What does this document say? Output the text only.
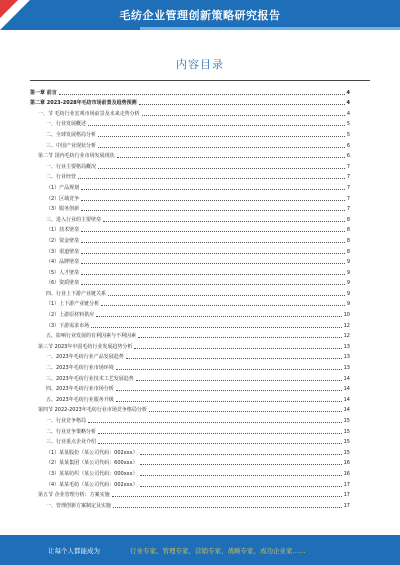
毛纺企业管理创新策略研究报告
内容目录
第一章 前言	4
第二章 2023-2028年毛纺市场前景及趋势预测	4
一、节 毛纺行业宏观市场前景及未来走势分析	4
一、行业发展概述	5
二、全球发展格局分析	5
三、中国产业现状分析	6
第二节 国内毛纺行业市场发展现状	6
一、行业主要格局概况	7
二、行业经营	7
（1）产品规划	7
（2）区域竞争	7
（3）服务创新	7
三、进入行业的主要壁垒	8
（1）技术壁垒	8
（2）资金壁垒	8
（3）渠道壁垒	8
（4）品牌壁垒	9
（5）人才壁垒	9
（6）资质壁垒	9
四、行业上下游产业链关系	9
（1）上下游产业链分析	9
（2）上游原材料供应	10
（3）下游需求市场	12
五、影响行业发展的有利因素与不利因素	12
第三节 2023年中国毛纺行业发展趋势分析	13
一、2023年毛纺行业产品发展趋势	13
二、2023年毛纺行业市场环境	13
三、2023年毛纺行业技术工艺发展趋势	14
四、2023年毛纺行业市场分析	14
五、2023年毛纺行业服务升级	14
第四节 2022-2023年毛纺行业市场竞争格局分析	14
一、行业竞争格局	15
二、行业竞争策略分析	15
三、行业重点企业介绍	15
（1）某某股份（某公司代码：002xxx）	15
（2）某某集团（某公司代码：600xxx）	16
（3）某某纺织（某公司代码：000xxx）	16
（4）某某毛纺（某公司代码：002xxx）	17
第五节 企业管理分析：方案实施	17
一、管理创新方案制定及实施	17
让每个人都能成为	行业专家、管理专家、营销专家、战略专家、成功企业家……
